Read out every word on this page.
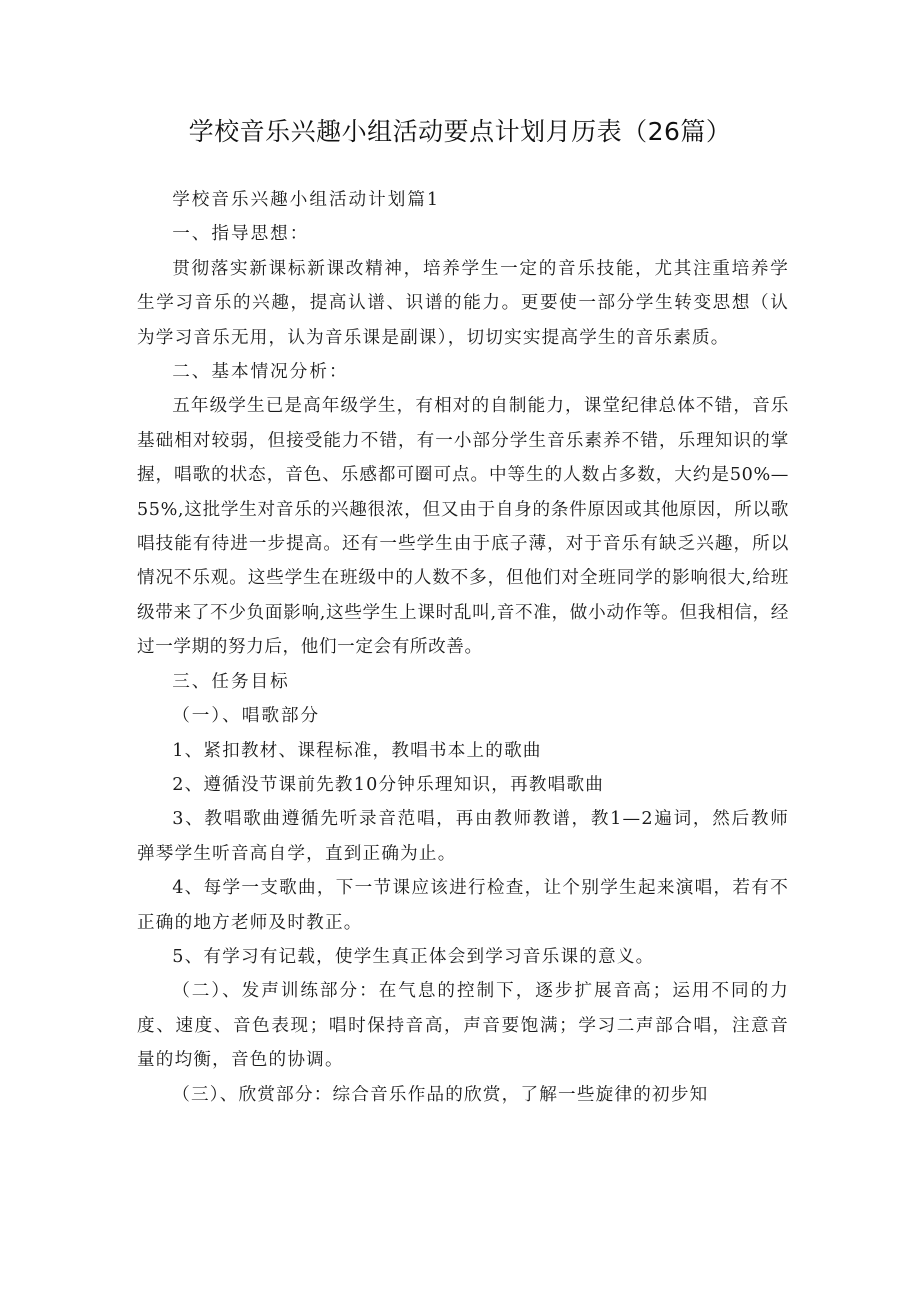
学校音乐兴趣小组活动要点计划月历表（26篇）

学校音乐兴趣小组活动计划篇1

一、指导思想：

贯彻落实新课标新课改精神，培养学生一定的音乐技能，尤其注重培养学生学习音乐的兴趣，提高认谱、识谱的能力。更要使一部分学生转变思想（认为学习音乐无用，认为音乐课是副课），切切实实提高学生的音乐素质。

二、基本情况分析：

五年级学生已是高年级学生，有相对的自制能力，课堂纪律总体不错，音乐基础相对较弱，但接受能力不错，有一小部分学生音乐素养不错，乐理知识的掌握，唱歌的状态，音色、乐感都可圈可点。中等生的人数占多数，大约是50%—55%,这批学生对音乐的兴趣很浓，但又由于自身的条件原因或其他原因，所以歌唱技能有待进一步提高。还有一些学生由于底子薄，对于音乐有缺乏兴趣，所以情况不乐观。这些学生在班级中的人数不多，但他们对全班同学的影响很大,给班级带来了不少负面影响,这些学生上课时乱叫,音不准，做小动作等。但我相信，经过一学期的努力后，他们一定会有所改善。

三、任务目标

（一）、唱歌部分

1、紧扣教材、课程标准，教唱书本上的歌曲

2、遵循没节课前先教10分钟乐理知识，再教唱歌曲

3、教唱歌曲遵循先听录音范唱，再由教师教谱，教1—2遍词，然后教师弹琴学生听音高自学，直到正确为止。

4、每学一支歌曲，下一节课应该进行检查，让个别学生起来演唱，若有不正确的地方老师及时教正。

5、有学习有记载，使学生真正体会到学习音乐课的意义。

（二）、发声训练部分：在气息的控制下，逐步扩展音高；运用不同的力度、速度、音色表现；唱时保持音高，声音要饱满；学习二声部合唱，注意音量的均衡，音色的协调。

（三）、欣赏部分：综合音乐作品的欣赏，了解一些旋律的初步知
